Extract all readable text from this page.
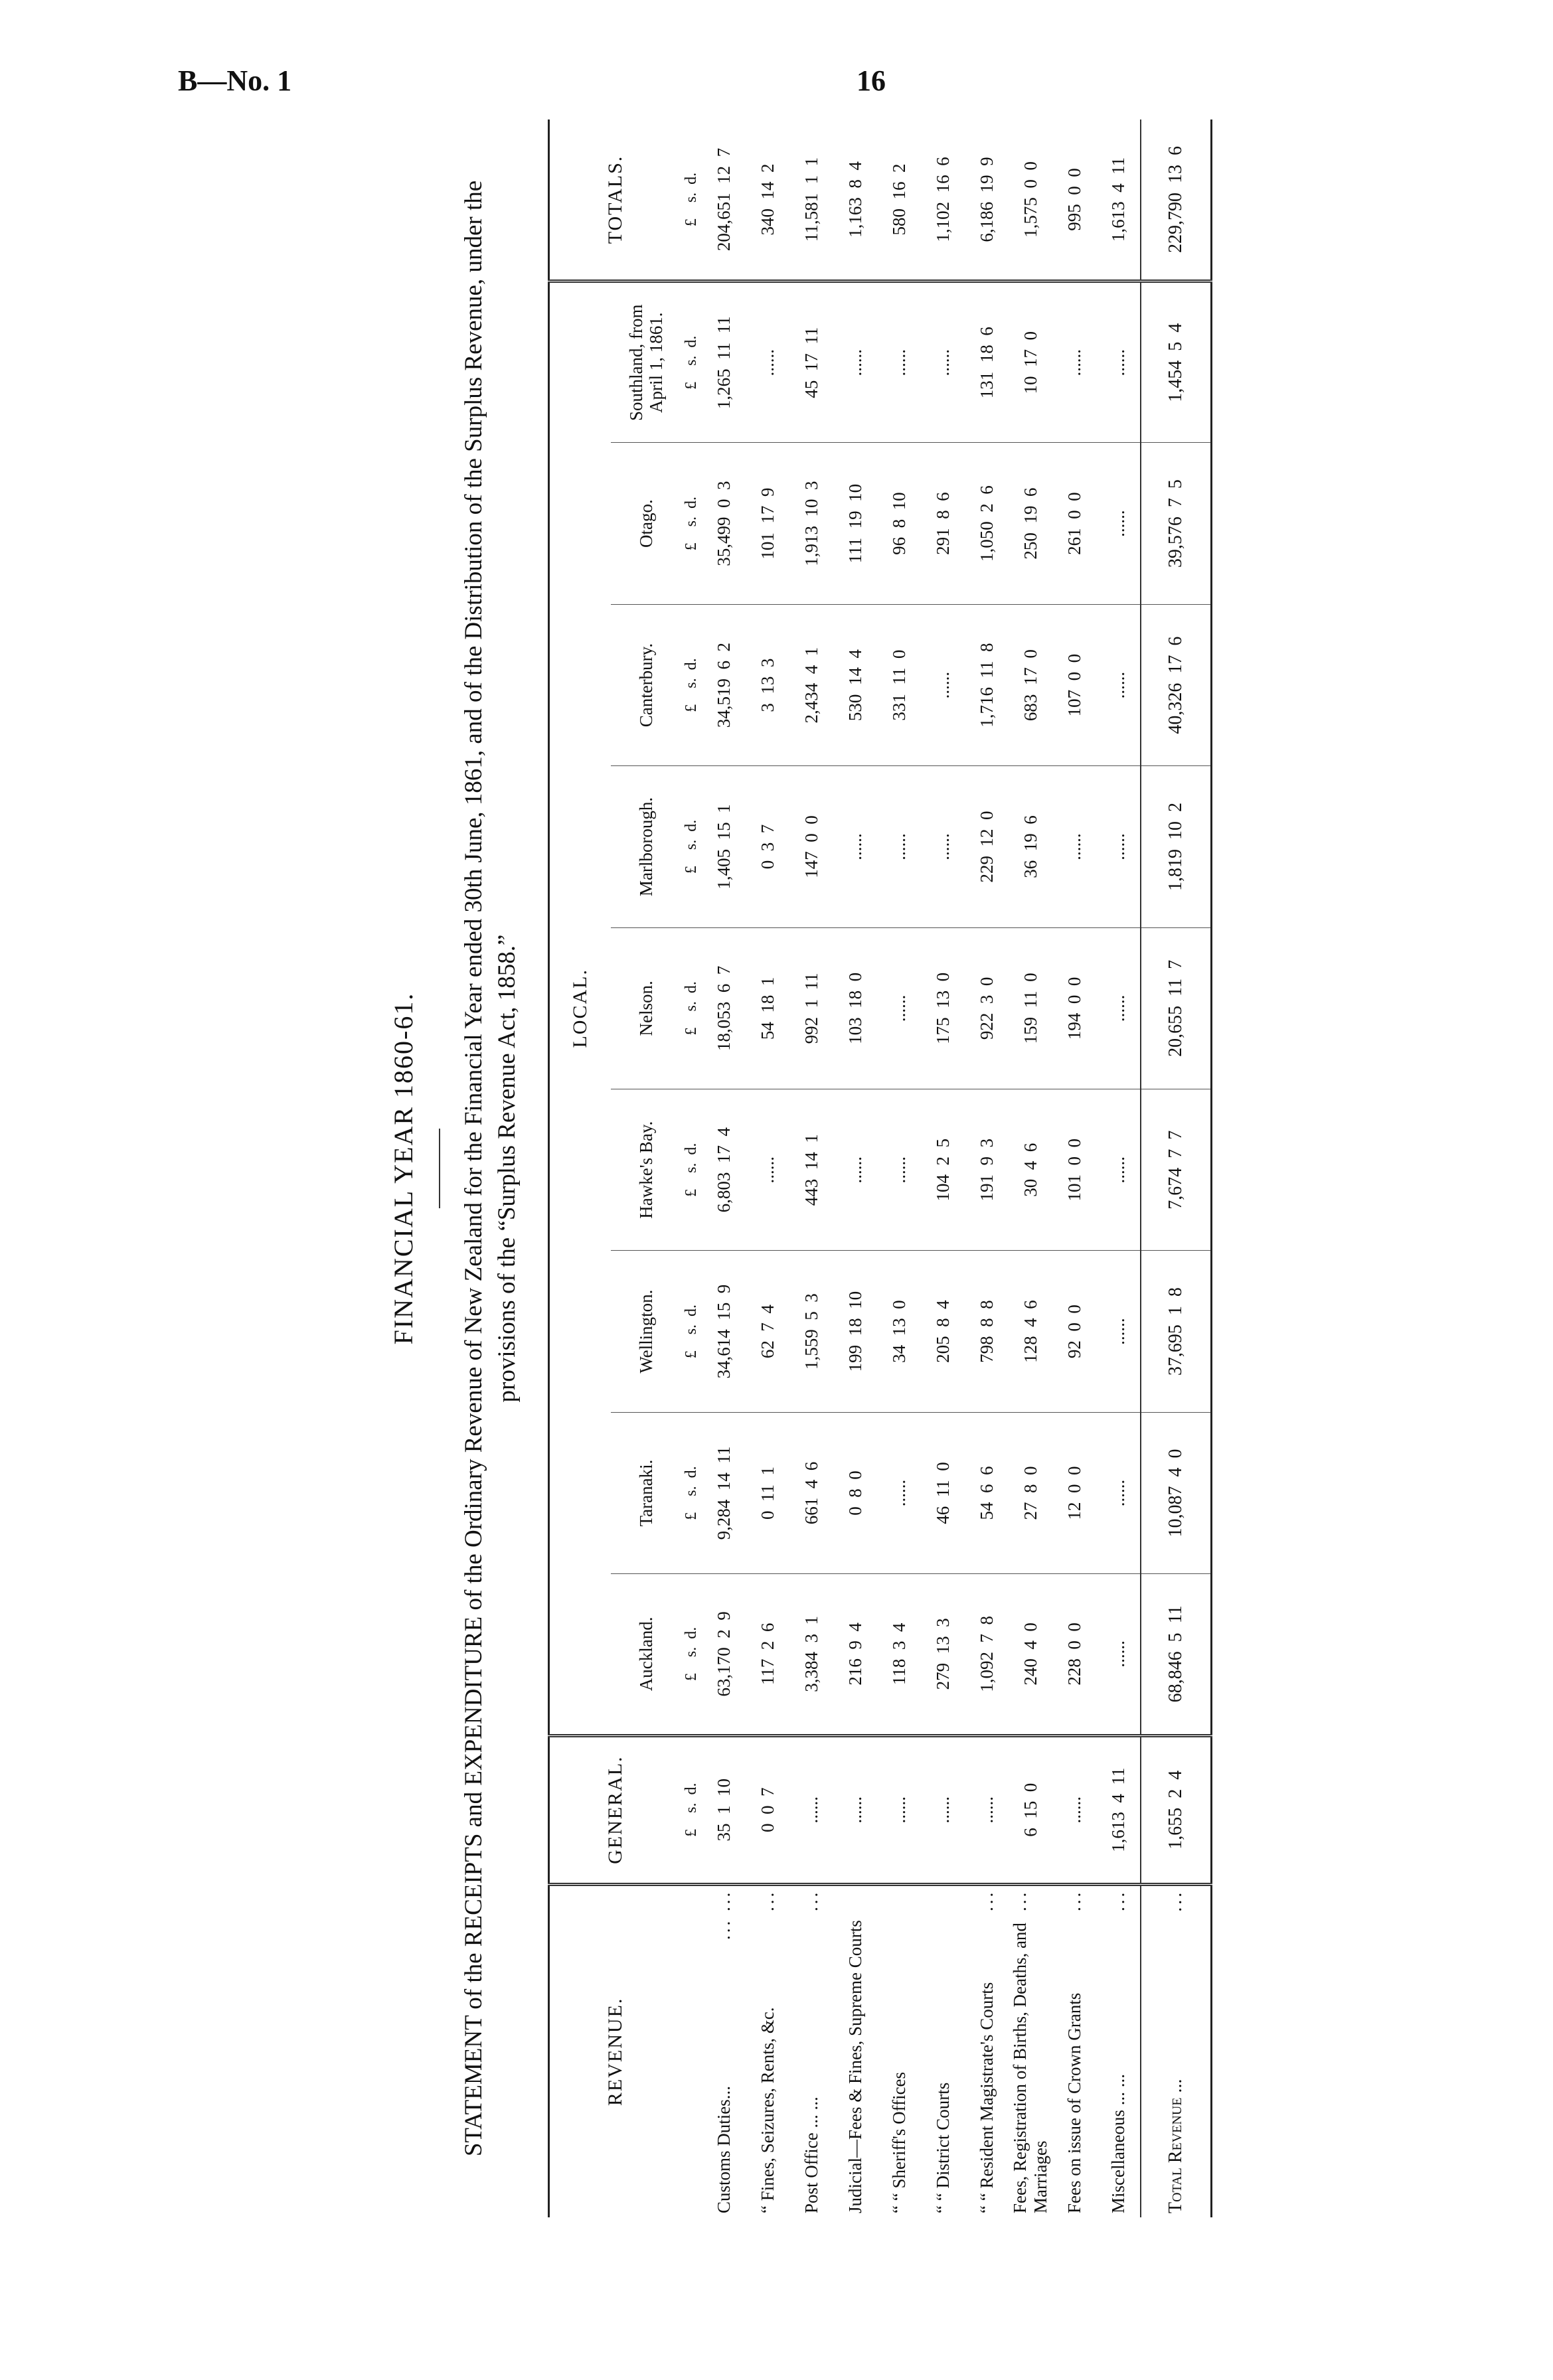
B—No. 1	16
FINANCIAL YEAR 1860-61. STATEMENT of the RECEIPTS and EXPENDITURE of the Ordinary Revenue of New Zealand for the Financial Year ended 30th June, 1861, and of the Distribution of the Surplus Revenue, under the provisions of the “Surplus Revenue Act, 1858.”
REVENUE.	GENERAL.	LOCAL.									TOTALS.
		Auckland.	Taranaki.	Wellington.	Hawke's Bay.	Nelson.	Marlborough.	Canterbury.	Otago.	Southland, from April 1, 1861.	
	£    s.  d.	£    s.  d.	£    s.  d.	£    s.  d.	£    s.  d.	£    s.  d.	£    s.  d.	£    s.  d.	£    s.  d.	£    s.  d.	£    s.  d.

... ...
Customs Duties...	35  1  10	63,170  2  9	9,284  14  11	34,614  15  9	6,803  17  4	18,053  6  7	1,405  15  1	34,519  6  2	35,499  0  3	1,265  11  11	204,651  12  7

...
“ Fines, Seizures, Rents, &c.	0  0  7	117  2  6	0  11  1	62  7  4	......	54  18  1	0  3  7	3  13  3	101  17  9	......	340  14  2

...
Post Office ... ...	......	3,384  3  1	661  4  6	1,559  5  3	443  14  1	992  1  11	147  0  0	2,434  4  1	1,913  10  3	45  17  11	11,581  1  1

Judicial—Fees & Fines, Supreme Courts	......	216  9  4	0  8  0	199  18  10	......	103  18  0	......	530  14  4	111  19  10	......	1,163  8  4

“ “ Sheriff's Offices	......	118  3  4	......	34  13  0	......	......	......	331  11  0	96  8  10	......	580  16  2

“ “ District Courts	......	279  13  3	46  11  0	205  8  4	104  2  5	175  13  0	......	......	291  8  6	......	1,102  16  6

...
“ “ Resident Magistrate's Courts	......	1,092  7  8	54  6  6	798  8  8	191  9  3	922  3  0	229  12  0	1,716  11  8	1,050  2  6	131  18  6	6,186  19  9

...
Fees, Registration of Births, Deaths, and Marriages	6  15  0	240  4  0	27  8  0	128  4  6	30  4  6	159  11  0	36  19  6	683  17  0	250  19  6	10  17  0	1,575  0  0

...
Fees on issue of Crown Grants	......	228  0  0	12  0  0	92  0  0	101  0  0	194  0  0	......	107  0  0	261  0  0	......	995  0  0

...
Miscellaneous ... ...	1,613  4  11	......	......	......	......	......	......	......	......	......	1,613  4  11

...
Total Revenue ...	1,655  2  4	68,846  5  11	10,087  4  0	37,695  1  8	7,674  7  7	20,655  11  7	1,819  10  2	40,326  17  6	39,576  7  5	1,454  5  4	229,790  13  6
